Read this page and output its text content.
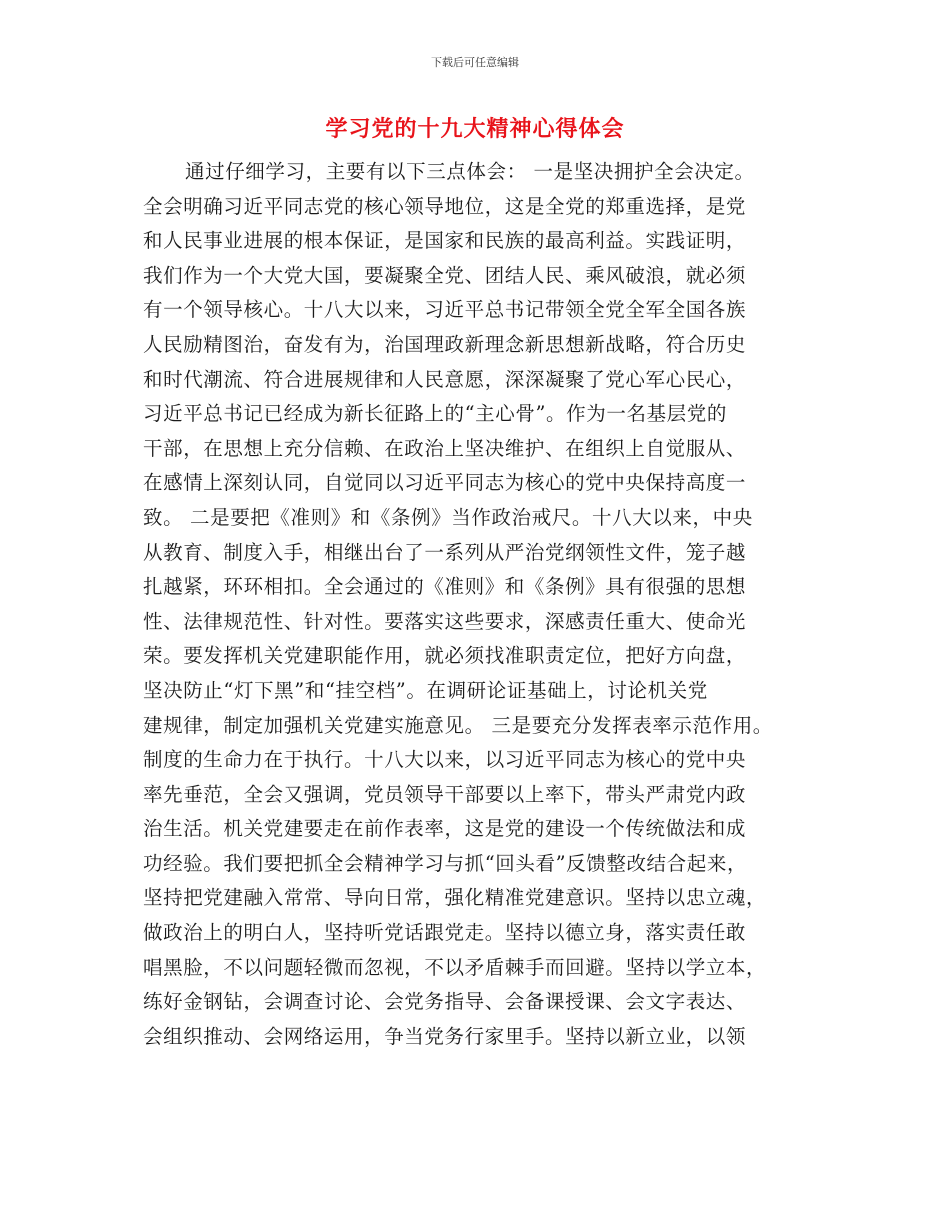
下载后可任意编辑
学习党的十九大精神心得体会
通过仔细学习，主要有以下三点体会： 一是坚决拥护全会决定。
全会明确习近平同志党的核心领导地位，这是全党的郑重选择，是党
和人民事业进展的根本保证，是国家和民族的最高利益。实践证明，
我们作为一个大党大国，要凝聚全党、团结人民、乘风破浪，就必须
有一个领导核心。十八大以来，习近平总书记带领全党全军全国各族
人民励精图治，奋发有为，治国理政新理念新思想新战略，符合历史
和时代潮流、符合进展规律和人民意愿，深深凝聚了党心军心民心，
习近平总书记已经成为新长征路上的“主心骨”。作为一名基层党的
干部，在思想上充分信赖、在政治上坚决维护、在组织上自觉服从、
在感情上深刻认同，自觉同以习近平同志为核心的党中央保持高度一
致。 二是要把《准则》和《条例》当作政治戒尺。十八大以来，中央
从教育、制度入手，相继出台了一系列从严治党纲领性文件，笼子越
扎越紧，环环相扣。全会通过的《准则》和《条例》具有很强的思想
性、法律规范性、针对性。要落实这些要求，深感责任重大、使命光
荣。要发挥机关党建职能作用，就必须找准职责定位，把好方向盘，
坚决防止“灯下黑”和“挂空档”。在调研论证基础上，讨论机关党
建规律，制定加强机关党建实施意见。 三是要充分发挥表率示范作用。
制度的生命力在于执行。十八大以来，以习近平同志为核心的党中央
率先垂范，全会又强调，党员领导干部要以上率下，带头严肃党内政
治生活。机关党建要走在前作表率，这是党的建设一个传统做法和成
功经验。我们要把抓全会精神学习与抓“回头看”反馈整改结合起来，
坚持把党建融入常常、导向日常，强化精准党建意识。坚持以忠立魂，
做政治上的明白人，坚持听党话跟党走。坚持以德立身，落实责任敢
唱黑脸，不以问题轻微而忽视，不以矛盾棘手而回避。坚持以学立本，
练好金钢钻，会调查讨论、会党务指导、会备课授课、会文字表达、
会组织推动、会网络运用，争当党务行家里手。坚持以新立业，以领
